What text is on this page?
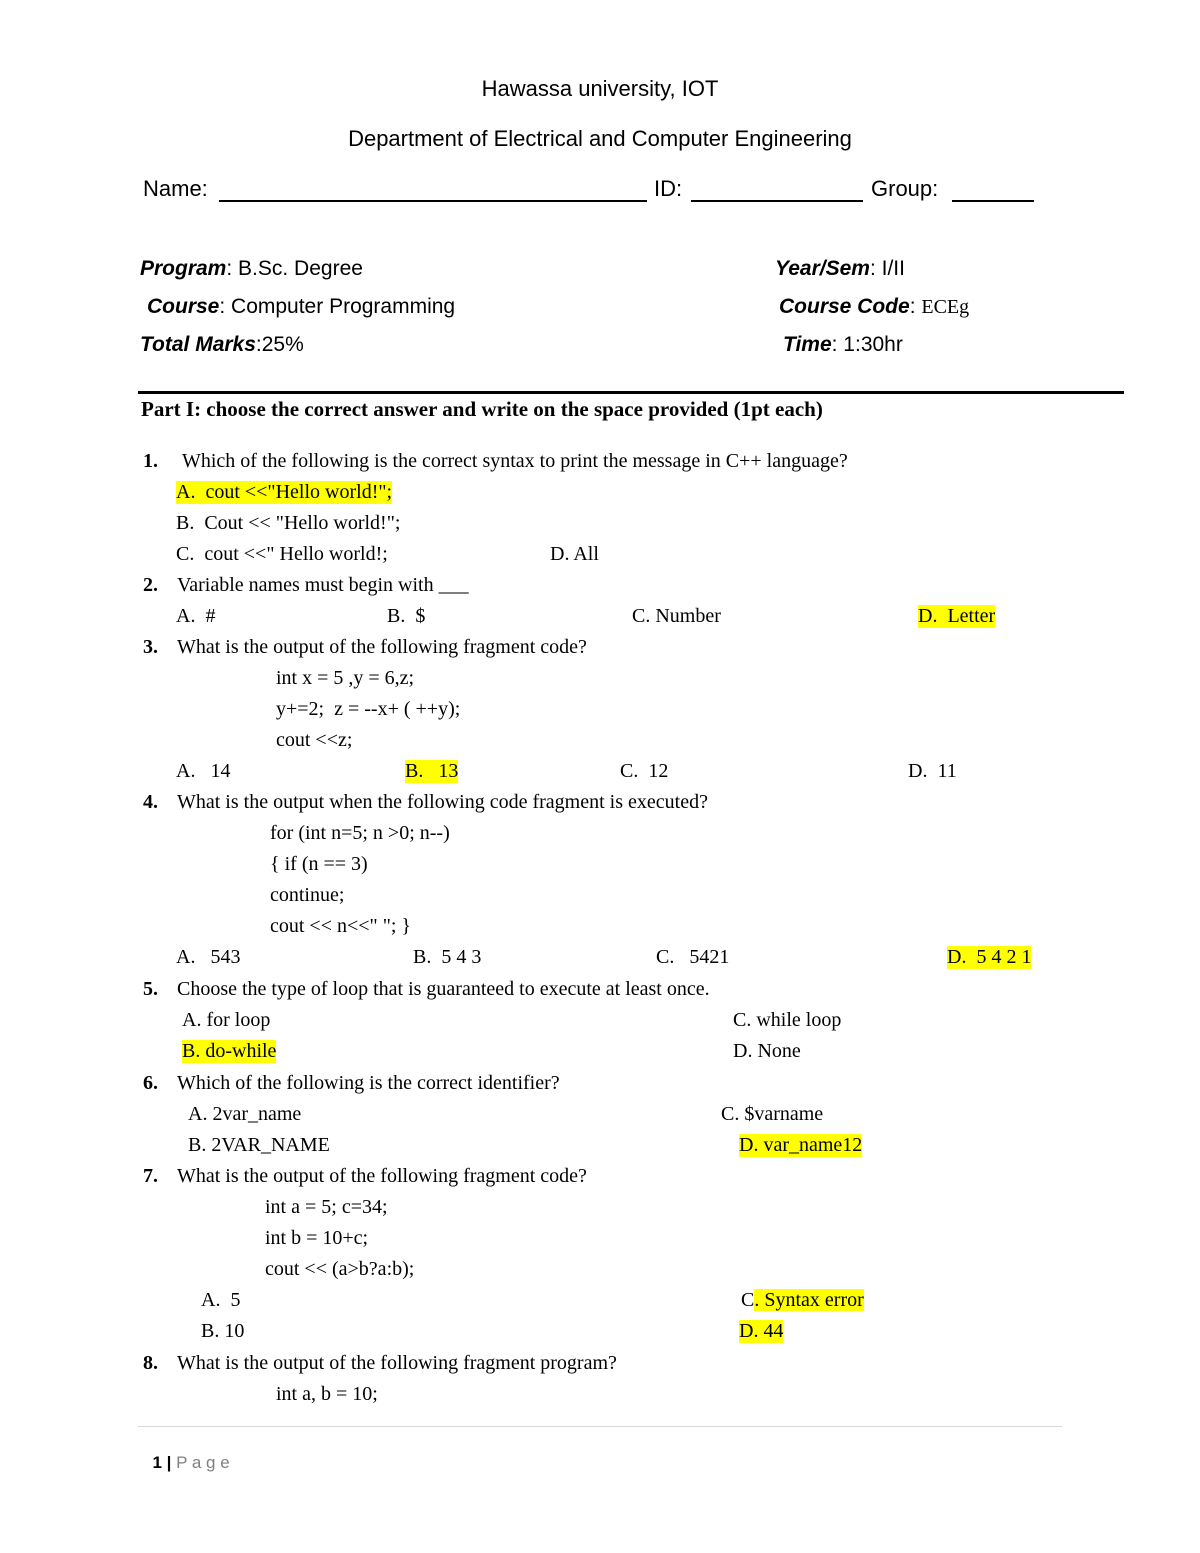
Hawassa university, IOT
Department of Electrical and Computer Engineering
Name:	ID:	Group:
Program: B.Sc. Degree	Year/Sem: I/II
Course: Computer Programming	Course Code: ECEg
Total Marks:25%	Time: 1:30hr
Part I: choose the correct answer and write on the space provided (1pt each)
1. Which of the following is the correct syntax to print the message in C++ language?
A.  cout <<"Hello world!";
B.  Cout << "Hello world!";
C.  cout <<" Hello world!;	D. All
2. Variable names must begin with ___
A.  #	B.  $	C. Number	D.  Letter
3. What is the output of the following fragment code?
int x = 5 ,y = 6,z;
y+=2;  z = --x+ ( ++y);
cout <<z;
A.   14	B.   13	C.  12	D.  11
4. What is the output when the following code fragment is executed?
for (int n=5; n >0; n--)
{ if (n == 3)
continue;
cout << n<<" "; }
A.   543	B.  5 4 3	C.   5421	D.  5 4 2 1
5. Choose the type of loop that is guaranteed to execute at least once.
A. for loop	C. while loop
B. do-while	D. None
6. Which of the following is the correct identifier?
A. 2var_name	C. $varname
B. 2VAR_NAME	D. var_name12
7. What is the output of the following fragment code?
int a = 5; c=34;
int b = 10+c;
cout << (a>b?a:b);
A.  5	C. Syntax error
B. 10	D. 44
8. What is the output of the following fragment program?
int a, b = 10;

1 | P a g e
